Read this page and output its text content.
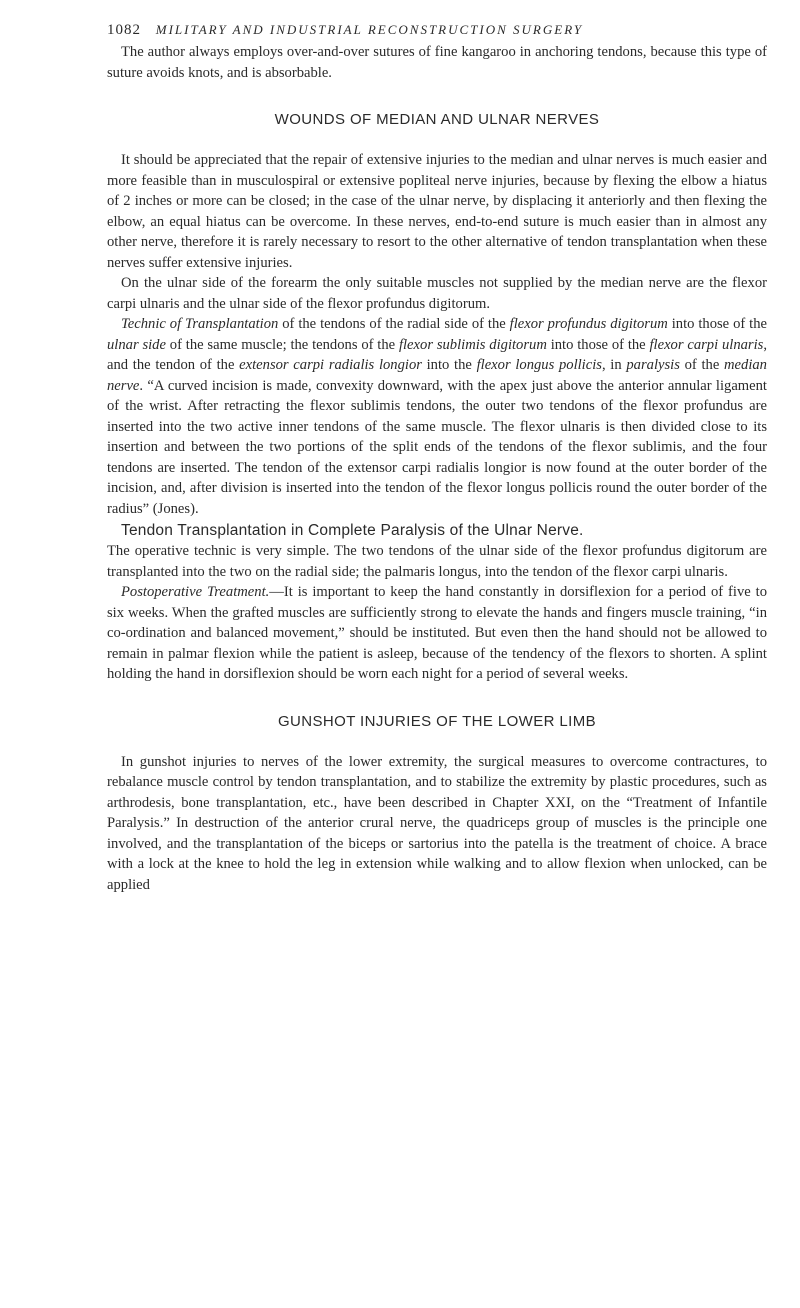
1082 MILITARY AND INDUSTRIAL RECONSTRUCTION SURGERY

The author always employs over-and-over sutures of fine kangaroo in anchoring tendons, because this type of suture avoids knots, and is absorbable.

WOUNDS OF MEDIAN AND ULNAR NERVES

It should be appreciated that the repair of extensive injuries to the median and ulnar nerves is much easier and more feasible than in musculospiral or extensive popliteal nerve injuries, because by flexing the elbow a hiatus of 2 inches or more can be closed; in the case of the ulnar nerve, by displacing it anteriorly and then flexing the elbow, an equal hiatus can be overcome. In these nerves, end-to-end suture is much easier than in almost any other nerve, therefore it is rarely necessary to resort to the other alternative of tendon transplantation when these nerves suffer extensive injuries.

On the ulnar side of the forearm the only suitable muscles not supplied by the median nerve are the flexor carpi ulnaris and the ulnar side of the flexor profundus digitorum.

Technic of Transplantation of the tendons of the radial side of the flexor profundus digitorum into those of the ulnar side of the same muscle; the tendons of the flexor sublimis digitorum into those of the flexor carpi ulnaris, and the tendon of the extensor carpi radialis longior into the flexor longus pollicis, in paralysis of the median nerve. “A curved incision is made, convexity downward, with the apex just above the anterior annular ligament of the wrist. After retracting the flexor sublimis tendons, the outer two tendons of the flexor profundus are inserted into the two active inner tendons of the same muscle. The flexor ulnaris is then divided close to its insertion and between the two portions of the split ends of the tendons of the flexor sublimis, and the four tendons are inserted. The tendon of the extensor carpi radialis longior is now found at the outer border of the incision, and, after division is inserted into the tendon of the flexor longus pollicis round the outer border of the radius” (Jones).

Tendon Transplantation in Complete Paralysis of the Ulnar Nerve.

The operative technic is very simple. The two tendons of the ulnar side of the flexor profundus digitorum are transplanted into the two on the radial side; the palmaris longus, into the tendon of the flexor carpi ulnaris.

Postoperative Treatment.—It is important to keep the hand constantly in dorsiflexion for a period of five to six weeks. When the grafted muscles are sufficiently strong to elevate the hands and fingers muscle training, “in co-ordination and balanced movement,” should be instituted. But even then the hand should not be allowed to remain in palmar flexion while the patient is asleep, because of the tendency of the flexors to shorten. A splint holding the hand in dorsiflexion should be worn each night for a period of several weeks.

GUNSHOT INJURIES OF THE LOWER LIMB

In gunshot injuries to nerves of the lower extremity, the surgical measures to overcome contractures, to rebalance muscle control by tendon transplantation, and to stabilize the extremity by plastic procedures, such as arthrodesis, bone transplantation, etc., have been described in Chapter XXI, on the “Treatment of Infantile Paralysis.” In destruction of the anterior crural nerve, the quadriceps group of muscles is the principle one involved, and the transplantation of the biceps or sartorius into the patella is the treatment of choice. A brace with a lock at the knee to hold the leg in extension while walking and to allow flexion when unlocked, can be applied
